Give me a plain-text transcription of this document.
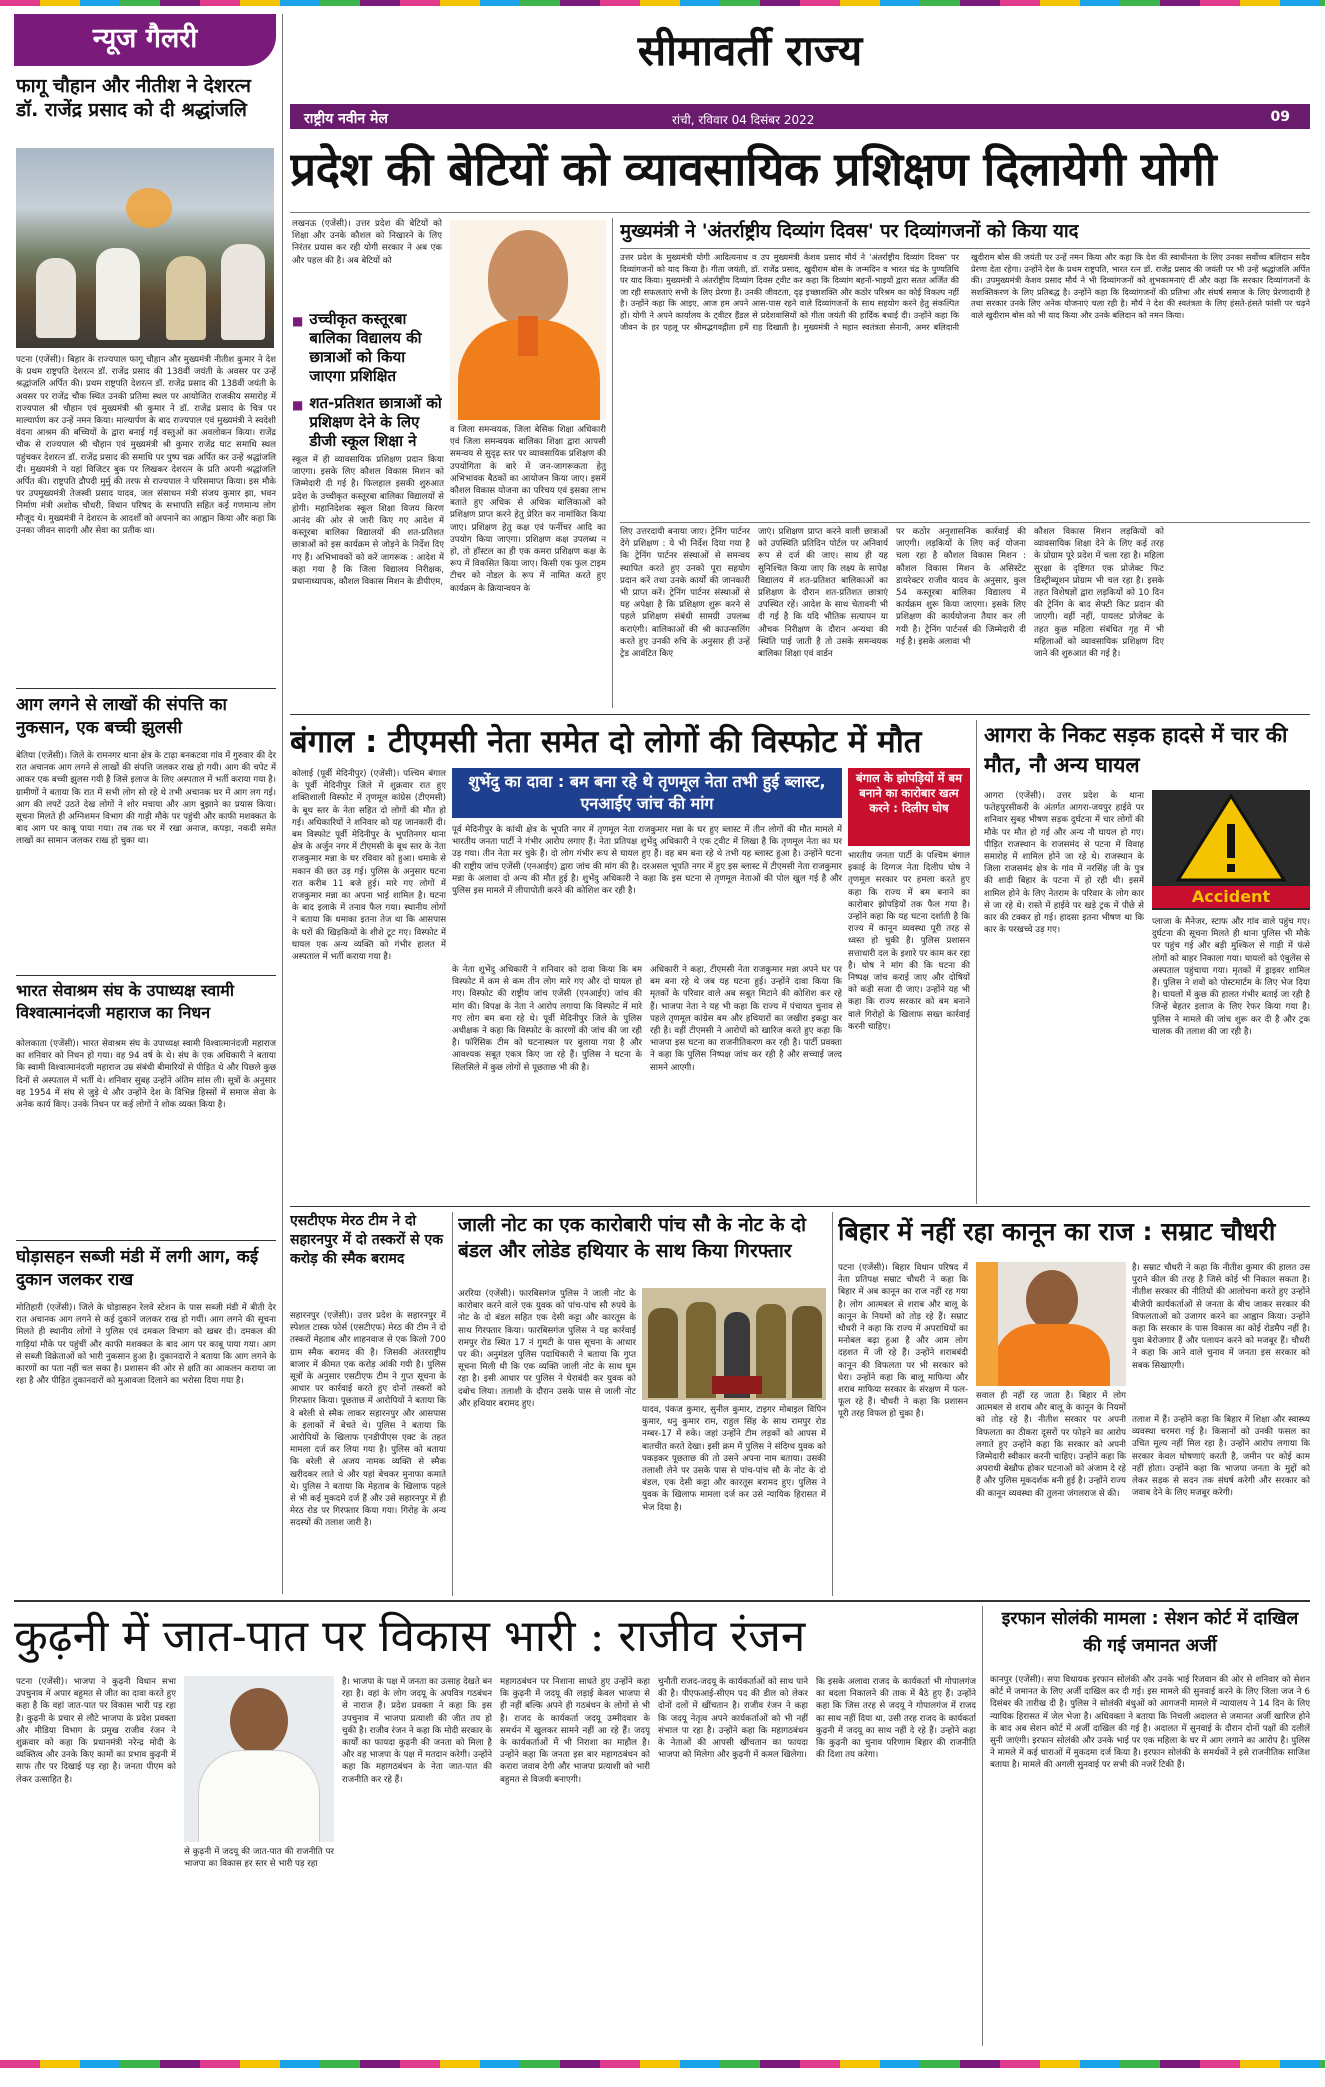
न्यूज गैलरी
फागू चौहान और नीतीश ने देशरत्न डॉ. राजेंद्र प्रसाद को दी श्रद्धांजलि
पटना (एजेंसी)। बिहार के राज्यपाल फागू चौहान और मुख्यमंत्री नीतीश कुमार ने देश के प्रथम राष्ट्रपति देशरत्न डॉ. राजेंद्र प्रसाद की 138वीं जयंती के अवसर पर उन्हें श्रद्धांजलि अर्पित की। प्रथम राष्ट्रपति देशरत्न डॉ. राजेंद्र प्रसाद की 138वीं जयंती के अवसर पर राजेंद्र चौक स्थित उनकी प्रतिमा स्थल पर आयोजित राजकीय समारोह में राज्यपाल श्री चौहान एवं मुख्यमंत्री श्री कुमार ने डॉ. राजेंद्र प्रसाद के चित्र पर माल्यार्पण कर उन्हें नमन किया। माल्यार्पण के बाद राज्यपाल एवं मुख्यमंत्री ने स्वदेशी वंदना आश्रम की बच्चियों के द्वारा बनाई गई वस्तुओं का अवलोकन किया। राजेंद्र चौक से राज्यपाल श्री चौहान एवं मुख्यमंत्री श्री कुमार राजेंद्र घाट समाधि स्थल पहुंचकर देशरत्न डॉ. राजेंद्र प्रसाद की समाधि पर पुष्प चक्र अर्पित कर उन्हें श्रद्धांजलि दी। मुख्यमंत्री ने यहां विजिटर बुक पर लिखकर देशरत्न के प्रति अपनी श्रद्धांजलि अर्पित की। राष्ट्रपति द्रौपदी मुर्मु की तरफ से राज्यपाल ने परिसमाप्त किया। इस मौके पर उपमुख्यमंत्री तेजस्वी प्रसाद यादव, जल संसाधन मंत्री संजय कुमार झा, भवन निर्माण मंत्री अशोक चौधरी, विधान परिषद के सभापति सहित कई गणमान्य लोग मौजूद थे। मुख्यमंत्री ने देशरत्न के आदर्शों को अपनाने का आह्वान किया और कहा कि उनका जीवन सादगी और सेवा का प्रतीक था।
आग लगने से लाखों की संपत्ति का नुकसान, एक बच्ची झुलसी
बेतिया (एजेंसी)। जिले के रामनगर थाना क्षेत्र के टाढ़ा बनकटवा गांव में गुरुवार की देर रात अचानक आग लगने से लाखों की संपत्ति जलकर राख हो गयी। आग की चपेट में आकर एक बच्ची झुलस गयी है जिसे इलाज के लिए अस्पताल में भर्ती कराया गया है। ग्रामीणों ने बताया कि रात में सभी लोग सो रहे थे तभी अचानक घर में आग लग गई। आग की लपटें उठते देख लोगों ने शोर मचाया और आग बुझाने का प्रयास किया। सूचना मिलते ही अग्निशमन विभाग की गाड़ी मौके पर पहुंची और काफी मशक्कत के बाद आग पर काबू पाया गया। तब तक घर में रखा अनाज, कपड़ा, नकदी समेत लाखों का सामान जलकर राख हो चुका था।
भारत सेवाश्रम संघ के उपाध्यक्ष स्वामी विश्वात्मानंदजी महाराज का निधन
कोलकाता (एजेंसी)। भारत सेवाश्रम संघ के उपाध्यक्ष स्वामी विश्वात्मानंदजी महाराज का शनिवार को निधन हो गया। वह 94 वर्ष के थे। संघ के एक अधिकारी ने बताया कि स्वामी विश्वात्मानंदजी महाराज उम्र संबंधी बीमारियों से पीड़ित थे और पिछले कुछ दिनों से अस्पताल में भर्ती थे। शनिवार सुबह उन्होंने अंतिम सांस ली। सूत्रों के अनुसार वह 1954 में संघ से जुड़े थे और उन्होंने देश के विभिन्न हिस्सों में समाज सेवा के अनेक कार्य किए। उनके निधन पर कई लोगों ने शोक व्यक्त किया है।
घोड़ासहन सब्जी मंडी में लगी आग, कई दुकान जलकर राख
मोतिहारी (एजेंसी)। जिले के घोड़ासहन रेलवे स्टेशन के पास सब्जी मंडी में बीती देर रात अचानक आग लगने से कई दुकानें जलकर राख हो गयीं। आग लगने की सूचना मिलते ही स्थानीय लोगों ने पुलिस एवं दमकल विभाग को खबर दी। दमकल की गाड़ियां मौके पर पहुंचीं और काफी मशक्कत के बाद आग पर काबू पाया गया। आग से सब्जी विक्रेताओं को भारी नुकसान हुआ है। दुकानदारों ने बताया कि आग लगने के कारणों का पता नहीं चल सका है। प्रशासन की ओर से क्षति का आकलन कराया जा रहा है और पीड़ित दुकानदारों को मुआवजा दिलाने का भरोसा दिया गया है।
सीमावर्ती राज्य
राष्ट्रीय नवीन मेल	रांची, रविवार 04 दिसंबर 2022	09
प्रदेश की बेटियों को व्यावसायिक प्रशिक्षण दिलायेगी योगी
लखनऊ (एजेंसी)। उत्तर प्रदेश की बेटियों को शिक्षा और उनके कौशल को निखारने के लिए निरंतर प्रयास कर रही योगी सरकार ने अब एक और पहल की है। अब बेटियों को
■ उच्चीकृत कस्तूरबा बालिका विद्यालय की छात्राओं को किया जाएगा प्रशिक्षित
■ शत-प्रतिशत छात्राओं को प्रशिक्षण देने के लिए डीजी स्कूल शिक्षा ने
स्कूल में ही व्यावसायिक प्रशिक्षण प्रदान किया जाएगा। इसके लिए कौशल विकास मिशन को जिम्मेदारी दी गई है। फिलहाल इसकी शुरुआत प्रदेश के उच्चीकृत कस्तूरबा बालिका विद्यालयों से होगी। महानिदेशक स्कूल शिक्षा विजय किरण आनंद की ओर से जारी किए गए आदेश में कस्तूरबा बालिका विद्यालयों की शत-प्रतिशत छात्राओं को इस कार्यक्रम से जोड़ने के निर्देश दिए गए हैं। अभिभावकों को करें जागरूक : आदेश में कहा गया है कि जिला विद्यालय निरीक्षक, प्रधानाध्यापक, कौशल विकास मिशन के डीपीएम,
व जिला समन्वयक, जिला बेसिक शिक्षा अधिकारी एवं जिला समन्वयक बालिका शिक्षा द्वारा आपसी समन्वय से सुदृढ़ स्तर पर व्यावसायिक प्रशिक्षण की उपयोगिता के बारे में जन-जागरूकता हेतु अभिभावक बैठकों का आयोजन किया जाए। इसमें कौशल विकास योजना का परिचय एवं इसका लाभ बताते हुए अधिक से अधिक बालिकाओं को प्रशिक्षण प्राप्त करने हेतु प्रेरित कर नामांकित किया जाए। प्रशिक्षण हेतु कक्ष एवं फर्नीचर आदि का उपयोग किया जाएगा। प्रशिक्षण कक्ष उपलब्ध न हो, तो हॉस्टल का ही एक कमरा प्रशिक्षण कक्ष के रूप में विकसित किया जाए। किसी एक फुल टाइम टीचर को नोडल के रूप में नामित करते हुए कार्यक्रम के क्रियान्वयन के
मुख्यमंत्री ने 'अंतर्राष्ट्रीय दिव्यांग दिवस' पर दिव्यांगजनों को किया याद
उत्तर प्रदेश के मुख्यमंत्री योगी आदित्यनाथ व उप मुख्यमंत्री केशव प्रसाद मौर्य ने 'अंतर्राष्ट्रीय दिव्यांग दिवस' पर दिव्यांगजनों को याद किया है। गीता जयंती, डॉ. राजेंद्र प्रसाद, खुदीराम बोस के जन्मदिन व भारत चंद्र के पुण्यतिथि पर याद किया। मुख्यमंत्री ने अंतर्राष्ट्रीय दिव्यांग दिवस ट्वीट कर कहा कि दिव्यांग बहनों-भाइयों द्वारा सतत अर्जित की जा रही सफलताएं सभी के लिए प्रेरणा हैं। उनकी जीवटता, दृढ़ इच्छाशक्ति और कठोर परिश्रम का कोई विकल्प नहीं है। उन्होंने कहा कि आइए, आज हम अपने आस-पास रहने वाले दिव्यांगजनों के साथ सहयोग करने हेतु संकल्पित हों। योगी ने अपने कार्यालय के ट्वीटर हैंडल से प्रदेशवासियों को गीता जयंती की हार्दिक बधाई दी। उन्होंने कहा कि जीवन के हर पहलू पर श्रीमद्भगवद्गीता हमें राह दिखाती है। मुख्यमंत्री ने महान स्वतंत्रता सेनानी, अमर बलिदानी खुदीराम बोस की जयंती पर उन्हें नमन किया और कहा कि देश की स्वाधीनता के लिए उनका सर्वोच्च बलिदान सदैव प्रेरणा देता रहेगा। उन्होंने देश के प्रथम राष्ट्रपति, भारत रत्न डॉ. राजेंद्र प्रसाद की जयंती पर भी उन्हें श्रद्धांजलि अर्पित की। उपमुख्यमंत्री केशव प्रसाद मौर्य ने भी दिव्यांगजनों को शुभकामनाएं दीं और कहा कि सरकार दिव्यांगजनों के सशक्तिकरण के लिए प्रतिबद्ध है। उन्होंने कहा कि दिव्यांगजनों की प्रतिभा और संघर्ष समाज के लिए प्रेरणादायी है तथा सरकार उनके लिए अनेक योजनाएं चला रही है। मौर्य ने देश की स्वतंत्रता के लिए हंसते-हंसते फांसी पर चढ़ने वाले खुदीराम बोस को भी याद किया और उनके बलिदान को नमन किया।
लिए उत्तरदायी बनाया जाए। ट्रेनिंग पार्टनर देंगे प्रशिक्षण : ये भी निर्देश दिया गया है कि ट्रेनिंग पार्टनर संस्थाओं से समन्वय स्थापित करते हुए उनको पूरा सहयोग प्रदान करें तथा उनके कार्यों की जानकारी भी प्राप्त करें। ट्रेनिंग पार्टनर संस्थाओं से यह अपेक्षा है कि प्रशिक्षण शुरू करने से पहले प्रशिक्षण संबंधी सामग्री उपलब्ध कराएंगी। बालिकाओं की श्री काउन्सलिंग करते हुए उनकी रुचि के अनुसार ही उन्हें ट्रेड आवंटित किए
जाएं। प्रशिक्षण प्राप्त करने वाली छात्राओं को उपस्थिति प्रतिदिन पोर्टल पर अनिवार्य रूप से दर्ज की जाए। साथ ही यह सुनिश्चित किया जाए कि लक्ष्य के सापेक्ष विद्यालय में शत-प्रतिशत बालिकाओं का प्रशिक्षण के दौरान शत-प्रतिशत छात्राएं उपस्थित रहें। आदेश के साथ चेतावनी भी दी गई है कि यदि भौतिक सत्यापन या औचक निरीक्षण के दौरान अन्यथा की स्थिति पाई जाती है तो उसके समन्वयक बालिका शिक्षा एवं वार्डन
पर कठोर अनुशासनिक कार्रवाई की जाएगी। लड़कियों के लिए कई योजना चला रहा है कौशल विकास मिशन : कौशल विकास मिशन के असिस्टेंट डायरेक्टर राजीव यादव के अनुसार, कुल 54 कस्तूरबा बालिका विद्यालय में कार्यक्रम शुरू किया जाएगा। इसके लिए प्रशिक्षण की कार्ययोजना तैयार कर ली गयी है। ट्रेनिंग पार्टनर्स की जिम्मेदारी दी गई है। इसके अलावा भी
कौशल विकास मिशन लड़कियों को व्यावसायिक शिक्षा देने के लिए कई तरह के प्रोग्राम पूरे प्रदेश में चला रहा है। महिला सुरक्षा के दृष्टिगत एक प्रोजेक्ट फिट डिस्ट्रीब्यूशन प्रोग्राम भी चल रहा है। इसके तहत विशेषज्ञों द्वारा लड़कियों को 10 दिन की ट्रेनिंग के बाद सेफ्टी किट प्रदान की जाएगी। वहीं नहीं, पायलट प्रोजेक्ट के तहत कुछ महिला संबंधित गृह में भी महिलाओं को व्यावसायिक प्रशिक्षण दिए जाने की शुरुआत की गई है।
बंगाल : टीएमसी नेता समेत दो लोगों की विस्फोट में मौत
कोलाई (पूर्वी मेदिनीपुर) (एजेंसी)। पश्चिम बंगाल के पूर्वी मेदिनीपुर जिले में शुक्रवार रात हुए शक्तिशाली विस्फोट में तृणमूल कांग्रेस (टीएमसी) के बूथ स्तर के नेता सहित दो लोगों की मौत हो गई। अधिकारियों ने शनिवार को यह जानकारी दी। बम विस्फोट पूर्वी मेदिनीपुर के भूपतिनगर थाना क्षेत्र के अर्जुन नगर में टीएमसी के बूथ स्तर के नेता राजकुमार मन्ना के घर रविवार को हुआ। धमाके से मकान की छत उड़ गई। पुलिस के अनुसार घटना रात करीब 11 बजे हुई। मारे गए लोगों में राजकुमार मन्ना का अपना भाई शामिल है। घटना के बाद इलाके में तनाव फैल गया। स्थानीय लोगों ने बताया कि धमाका इतना तेज था कि आसपास के घरों की खिड़कियों के शीशे टूट गए। विस्फोट में घायल एक अन्य व्यक्ति को गंभीर हालत में अस्पताल में भर्ती कराया गया है।
शुभेंदु का दावा : बम बना रहे थे तृणमूल नेता तभी हुई ब्लास्ट, एनआईए जांच की मांग
पूर्व मेदिनीपुर के कांथी क्षेत्र के भूपति नगर में तृणमूल नेता राजकुमार मन्ना के घर हुए ब्लास्ट में तीन लोगों की मौत मामले में भारतीय जनता पार्टी ने गंभीर आरोप लगाए हैं। नेता प्रतिपक्ष शुभेंदु अधिकारी ने एक ट्वीट में लिखा है कि तृणमूल नेता का घर उड़ गया। तीन नेता मर चुके हैं। दो लोग गंभीर रूप से घायल हुए हैं। वह बम बना रहे थे तभी यह ब्लास्ट हुआ है। उन्होंने घटना की राष्ट्रीय जांच एजेंसी (एनआईए) द्वारा जांच की मांग की है। दरअसल भूपति नगर में हुए इस ब्लास्ट में टीएमसी नेता राजकुमार मन्ना के अलावा दो अन्य की मौत हुई है। शुभेंदु अधिकारी ने कहा कि इस घटना से तृणमूल नेताओं की पोल खुल गई है और पुलिस इस मामले में लीपापोती करने की कोशिश कर रही है।
बंगाल के झोपड़ियों में बम बनाने का कारोबार खत्म करने : दिलीप घोष
भारतीय जनता पार्टी के पश्चिम बंगाल इकाई के दिग्गज नेता दिलीप घोष ने तृणमूल सरकार पर हमला करते हुए कहा कि राज्य में बम बनाने का कारोबार झोपड़ियों तक फैल गया है। उन्होंने कहा कि यह घटना दर्शाती है कि राज्य में कानून व्यवस्था पूरी तरह से ध्वस्त हो चुकी है। पुलिस प्रशासन सत्ताधारी दल के इशारे पर काम कर रहा है। घोष ने मांग की कि घटना की निष्पक्ष जांच कराई जाए और दोषियों को कड़ी सजा दी जाए। उन्होंने यह भी कहा कि राज्य सरकार को बम बनाने वाले गिरोहों के खिलाफ सख्त कार्रवाई करनी चाहिए।
के नेता शुभेंदु अधिकारी ने शनिवार को दावा किया कि बम विस्फोट में कम से कम तीन लोग मारे गए और दो घायल हो गए। विस्फोट की राष्ट्रीय जांच एजेंसी (एनआईए) जांच की मांग की। विपक्ष के नेता ने आरोप लगाया कि विस्फोट में मारे गए लोग बम बना रहे थे। पूर्वी मेदिनीपुर जिले के पुलिस अधीक्षक ने कहा कि विस्फोट के कारणों की जांच की जा रही है। फॉरेंसिक टीम को घटनास्थल पर बुलाया गया है और आवश्यक सबूत एकत्र किए जा रहे हैं। पुलिस ने घटना के सिलसिले में कुछ लोगों से पूछताछ भी की है।
अधिकारी ने कहा, टीएमसी नेता राजकुमार मन्ना अपने घर पर बम बना रहे थे जब यह घटना हुई। उन्होंने दावा किया कि मृतकों के परिवार वाले अब सबूत मिटाने की कोशिश कर रहे हैं। भाजपा नेता ने यह भी कहा कि राज्य में पंचायत चुनाव से पहले तृणमूल कांग्रेस बम और हथियारों का जखीरा इकट्ठा कर रही है। वहीं टीएमसी ने आरोपों को खारिज करते हुए कहा कि भाजपा इस घटना का राजनीतिकरण कर रही है। पार्टी प्रवक्ता ने कहा कि पुलिस निष्पक्ष जांच कर रही है और सच्चाई जल्द सामने आएगी।
आगरा के निकट सड़क हादसे में चार की मौत, नौ अन्य घायल
आगरा (एजेंसी)। उत्तर प्रदेश के थाना फतेहपुरसीकरी के अंतर्गत आगरा-जयपुर हाईवे पर शनिवार सुबह भीषण सड़क दुर्घटना में चार लोगों की मौके पर मौत हो गई और अन्य नौ घायल हो गए। पीड़ित राजस्थान के राजसमंद से पटना में विवाह समारोह में शामिल होने जा रहे थे। राजस्थान के जिला राजसमंद क्षेत्र के गांव में नरसिंह जी के पुत्र की शादी बिहार के पटना में हो रही थी। इसमें शामिल होने के लिए नेतराम के परिवार के लोग कार से जा रहे थे। रास्ते में हाईवे पर खड़े ट्रक में पीछे से कार की टक्कर हो गई। हादसा इतना भीषण था कि कार के परखच्चे उड़ गए।
Accident
प्लाजा के मैनेजर, स्टाफ और गांव वाले पहुंच गए। दुर्घटना की सूचना मिलते ही थाना पुलिस भी मौके पर पहुंच गई और बड़ी मुश्किल से गाड़ी में फंसे लोगों को बाहर निकाला गया। घायलों को एंबुलेंस से अस्पताल पहुंचाया गया। मृतकों में ड्राइवर शामिल हैं। पुलिस ने शवों को पोस्टमार्टम के लिए भेज दिया है। घायलों में कुछ की हालत गंभीर बताई जा रही है जिन्हें बेहतर इलाज के लिए रेफर किया गया है। पुलिस ने मामले की जांच शुरू कर दी है और ट्रक चालक की तलाश की जा रही है।
एसटीएफ मेरठ टीम ने दो सहारनपुर में दो तस्करों से एक करोड़ की स्मैक बरामद
सहारनपुर (एजेंसी)। उत्तर प्रदेश के सहारनपुर में स्पेशल टास्क फोर्स (एसटीएफ) मेरठ की टीम ने दो तस्करों मेहताब और शाहनवाज से एक किलो 700 ग्राम स्मैक बरामद की है। जिसकी अंतरराष्ट्रीय बाजार में कीमत एक करोड़ आंकी गयी है। पुलिस सूत्रों के अनुसार एसटीएफ टीम ने गुप्त सूचना के आधार पर कार्रवाई करते हुए दोनों तस्करों को गिरफ्तार किया। पूछताछ में आरोपियों ने बताया कि वे बरेली से स्मैक लाकर सहारनपुर और आसपास के इलाकों में बेचते थे। पुलिस ने बताया कि आरोपियों के खिलाफ एनडीपीएस एक्ट के तहत मामला दर्ज कर लिया गया है। पुलिस को बताया कि बरेली से अजय नामक व्यक्ति से स्मैक खरीदकर लाते थे और यहां बेचकर मुनाफा कमाते थे। पुलिस ने बताया कि मेहताब के खिलाफ पहले से भी कई मुकदमे दर्ज हैं और उसे सहारनपुर में ही मेरठ रोड पर गिरफ्तार किया गया। गिरोह के अन्य सदस्यों की तलाश जारी है।
जाली नोट का एक कारोबारी पांच सौ के नोट के दो बंडल और लोडेड हथियार के साथ किया गिरफ्तार
अररिया (एजेंसी)। फारबिसगंज पुलिस ने जाली नोट के कारोबार करने वाले एक युवक को पांच-पांच सौ रुपये के नोट के दो बंडल सहित एक देसी कट्टा और कारतूस के साथ गिरफ्तार किया। फारबिसगंज पुलिस ने यह कार्रवाई रामपुर रोड स्थित 17 नं गुमटी के पास सूचना के आधार पर की। अनुमंडल पुलिस पदाधिकारी ने बताया कि गुप्त सूचना मिली थी कि एक व्यक्ति जाली नोट के साथ घूम रहा है। इसी आधार पर पुलिस ने घेराबंदी कर युवक को दबोच लिया। तलाशी के दौरान उसके पास से जाली नोट और हथियार बरामद हुए।
यादव, पंकज कुमार, सुनील कुमार, टाइगर मोबाइल विपिन कुमार, धनु कुमार राम, राहुल सिंह के साथ रामपुर रोड नम्बर-17 में रुके। जहां उन्होंने टीम लड़कों को आपस में बातचीत करते देखा। इसी क्रम में पुलिस ने संदिग्ध युवक को पकड़कर पूछताछ की तो उसने अपना नाम बताया। उसकी तलाशी लेने पर उसके पास से पांच-पांच सौ के नोट के दो बंडल, एक देसी कट्टा और कारतूस बरामद हुए। पुलिस ने युवक के खिलाफ मामला दर्ज कर उसे न्यायिक हिरासत में भेज दिया है।
बिहार में नहीं रहा कानून का राज : सम्राट चौधरी
पटना (एजेंसी)। बिहार विधान परिषद में नेता प्रतिपक्ष सम्राट चौधरी ने कहा कि बिहार में अब कानून का राज नहीं रह गया है। लोग आत्मबल से शराब और बालू के कानून के नियमों को तोड़ रहे हैं। सम्राट चौधरी ने कहा कि राज्य में अपराधियों का मनोबल बढ़ा हुआ है और आम लोग दहशत में जी रहे हैं। उन्होंने शराबबंदी कानून की विफलता पर भी सरकार को घेरा। उन्होंने कहा कि बालू माफिया और शराब माफिया सरकार के संरक्षण में फल-फूल रहे हैं। चौधरी ने कहा कि प्रशासन पूरी तरह विफल हो चुका है।
सवाल ही नहीं रह जाता है। बिहार में लोग आत्मबल से शराब और बालू के कानून के नियमों को तोड़ रहे हैं। नीतीश सरकार पर अपनी विफलता का ठीकरा दूसरों पर फोड़ने का आरोप लगाते हुए उन्होंने कहा कि सरकार को अपनी जिम्मेदारी स्वीकार करनी चाहिए। उन्होंने कहा कि अपराधी बेखौफ होकर घटनाओं को अंजाम दे रहे हैं और पुलिस मूकदर्शक बनी हुई है। उन्होंने राज्य की कानून व्यवस्था की तुलना जंगलराज से की।
है। सम्राट चौधरी ने कहा कि नीतीश कुमार की हालत उस पुराने कील की तरह है जिसे कोई भी निकाल सकता है। नीतीश सरकार की नीतियों की आलोचना करते हुए उन्होंने बीजेपी कार्यकर्ताओं से जनता के बीच जाकर सरकार की विफलताओं को उजागर करने का आह्वान किया। उन्होंने कहा कि सरकार के पास विकास का कोई रोडमैप नहीं है। युवा बेरोजगार हैं और पलायन करने को मजबूर हैं। चौधरी ने कहा कि आने वाले चुनाव में जनता इस सरकार को सबक सिखाएगी।
तलाश में हैं। उन्होंने कहा कि बिहार में शिक्षा और स्वास्थ्य व्यवस्था चरमरा गई है। किसानों को उनकी फसल का उचित मूल्य नहीं मिल रहा है। उन्होंने आरोप लगाया कि सरकार केवल घोषणाएं करती है, जमीन पर कोई काम नहीं होता। उन्होंने कहा कि भाजपा जनता के मुद्दों को लेकर सड़क से सदन तक संघर्ष करेगी और सरकार को जवाब देने के लिए मजबूर करेगी।
कुढ़नी में जात-पात पर विकास भारी : राजीव रंजन
पटना (एजेंसी)। भाजपा ने कुढ़नी विधान सभा उपचुनाव में अपार बहुमत से जीत का दावा करते हुए कहा है कि वहां जात-पात पर विकास भारी पड़ रहा है। कुढ़नी के प्रचार से लौटे भाजपा के प्रदेश प्रवक्ता और मीडिया विभाग के प्रमुख राजीव रंजन ने शुक्रवार को कहा कि प्रधानमंत्री नरेन्द्र मोदी के व्यक्तित्व और उनके किए कामों का प्रभाव कुढ़नी में साफ तौर पर दिखाई पड़ रहा है। जनता पीएम को लेकर उत्साहित है।
से कुढ़नी में जदयू की जात-पात की राजनीति पर भाजपा का विकास हर स्तर से भारी पड़ रहा
है। भाजपा के पक्ष में जनता का उत्साह देखते बन रहा है। वहां के लोग जदयू के अपवित्र गठबंधन से नाराज हैं। प्रदेश प्रवक्ता ने कहा कि इस उपचुनाव में भाजपा प्रत्याशी की जीत तय हो चुकी है। राजीव रंजन ने कहा कि मोदी सरकार के कार्यों का फायदा कुढ़नी की जनता को मिला है और वह भाजपा के पक्ष में मतदान करेगी। उन्होंने कहा कि महागठबंधन के नेता जात-पात की राजनीति कर रहे हैं।
महागठबंधन पर निशाना साधते हुए उन्होंने कहा कि कुढ़नी में जदयू की लड़ाई केवल भाजपा से ही नहीं बल्कि अपने ही गठबंधन के लोगों से भी है। राजद के कार्यकर्ता जदयू उम्मीदवार के समर्थन में खुलकर सामने नहीं आ रहे हैं। जदयू के कार्यकर्ताओं में भी निराशा का माहौल है। उन्होंने कहा कि जनता इस बार महागठबंधन को करारा जवाब देगी और भाजपा प्रत्याशी को भारी बहुमत से विजयी बनाएगी।
चुनौती राजद-जदयू के कार्यकर्ताओं को साथ पाने की है। पीएफआई-सीएम पद की डील को लेकर दोनों दलों में खींचतान है। राजीव रंजन ने कहा कि जदयू नेतृत्व अपने कार्यकर्ताओं को भी नहीं संभाल पा रहा है। उन्होंने कहा कि महागठबंधन के नेताओं की आपसी खींचतान का फायदा भाजपा को मिलेगा और कुढ़नी में कमल खिलेगा।
कि इसके अलावा राजद के कार्यकर्ता भी गोपालगंज का बदला निकालने की ताक में बैठे हुए हैं। उन्होंने कहा कि जिस तरह से जदयू ने गोपालगंज में राजद का साथ नहीं दिया था, उसी तरह राजद के कार्यकर्ता कुढ़नी में जदयू का साथ नहीं दे रहे हैं। उन्होंने कहा कि कुढ़नी का चुनाव परिणाम बिहार की राजनीति की दिशा तय करेगा।
इरफान सोलंकी मामला : सेशन कोर्ट में दाखिल की गई जमानत अर्जी
कानपुर (एजेंसी)। सपा विधायक इरफान सोलंकी और उनके भाई रिजवान की ओर से शनिवार को सेशन कोर्ट में जमानत के लिए अर्जी दाखिल कर दी गई। इस मामले की सुनवाई करने के लिए जिला जज ने 6 दिसंबर की तारीख दी है। पुलिस ने सोलंकी बंधुओं को आगजनी मामले में न्यायालय ने 14 दिन के लिए न्यायिक हिरासत में जेल भेजा है। अधिवक्ता ने बताया कि निचली अदालत से जमानत अर्जी खारिज होने के बाद अब सेशन कोर्ट में अर्जी दाखिल की गई है। अदालत में सुनवाई के दौरान दोनों पक्षों की दलीलें सुनी जाएंगी। इरफान सोलंकी और उनके भाई पर एक महिला के घर में आग लगाने का आरोप है। पुलिस ने मामले में कई धाराओं में मुकदमा दर्ज किया है। इरफान सोलंकी के समर्थकों ने इसे राजनीतिक साजिश बताया है। मामले की अगली सुनवाई पर सभी की नजरें टिकी हैं।
